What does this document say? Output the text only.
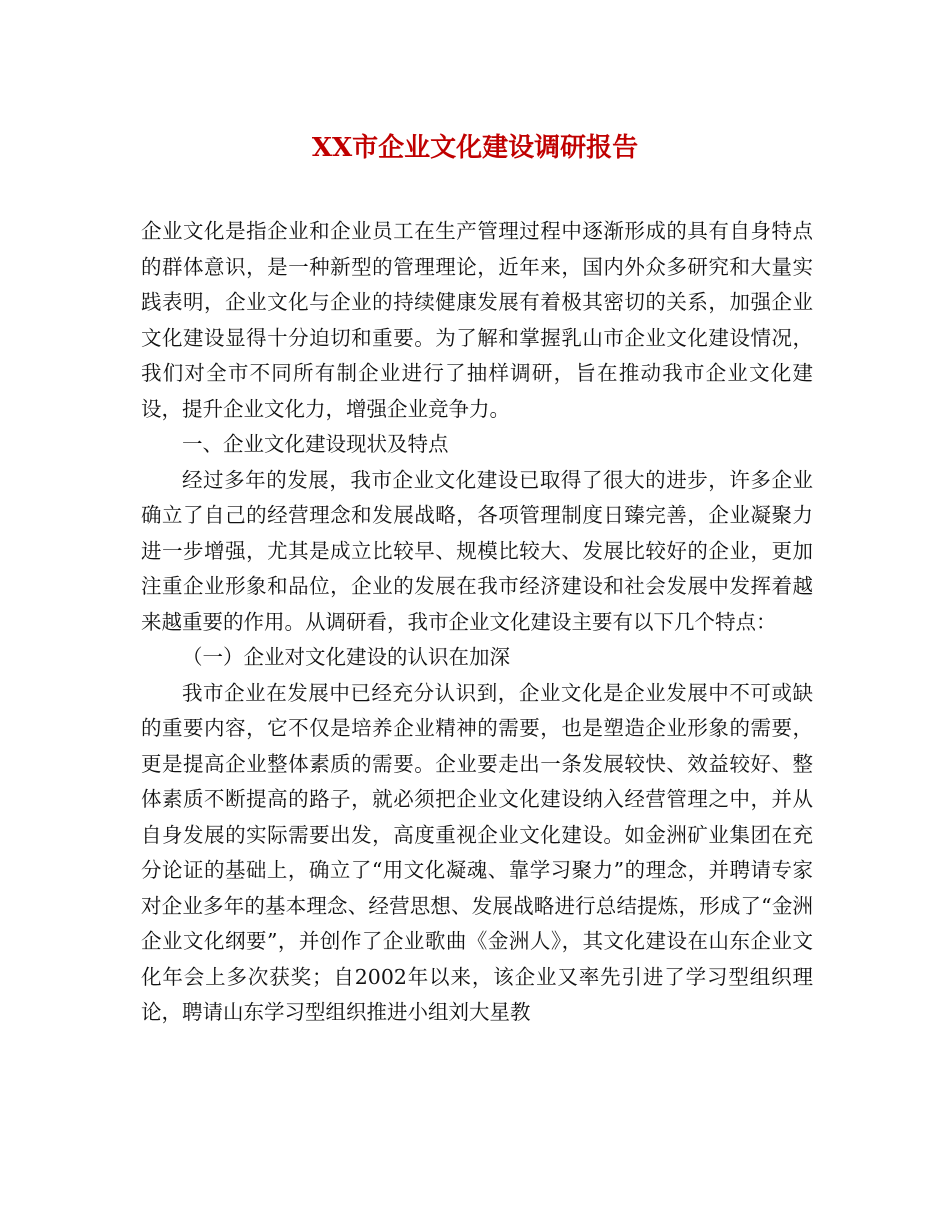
XX市企业文化建设调研报告

企业文化是指企业和企业员工在生产管理过程中逐渐形成的具有自身特点的群体意识，是一种新型的管理理论，近年来，国内外众多研究和大量实践表明，企业文化与企业的持续健康发展有着极其密切的关系，加强企业文化建设显得十分迫切和重要。为了解和掌握乳山市企业文化建设情况，我们对全市不同所有制企业进行了抽样调研，旨在推动我市企业文化建设，提升企业文化力，增强企业竞争力。

一、企业文化建设现状及特点

经过多年的发展，我市企业文化建设已取得了很大的进步，许多企业确立了自己的经营理念和发展战略，各项管理制度日臻完善，企业凝聚力进一步增强，尤其是成立比较早、规模比较大、发展比较好的企业，更加注重企业形象和品位，企业的发展在我市经济建设和社会发展中发挥着越来越重要的作用。从调研看，我市企业文化建设主要有以下几个特点：

（一）企业对文化建设的认识在加深

我市企业在发展中已经充分认识到，企业文化是企业发展中不可或缺的重要内容，它不仅是培养企业精神的需要，也是塑造企业形象的需要，更是提高企业整体素质的需要。企业要走出一条发展较快、效益较好、整体素质不断提高的路子，就必须把企业文化建设纳入经营管理之中，并从自身发展的实际需要出发，高度重视企业文化建设。如金洲矿业集团在充分论证的基础上，确立了“用文化凝魂、靠学习聚力”的理念，并聘请专家对企业多年的基本理念、经营思想、发展战略进行总结提炼，形成了“金洲企业文化纲要”，并创作了企业歌曲《金洲人》，其文化建设在山东企业文化年会上多次获奖；自2002年以来，该企业又率先引进了学习型组织理论，聘请山东学习型组织推进小组刘大星教
